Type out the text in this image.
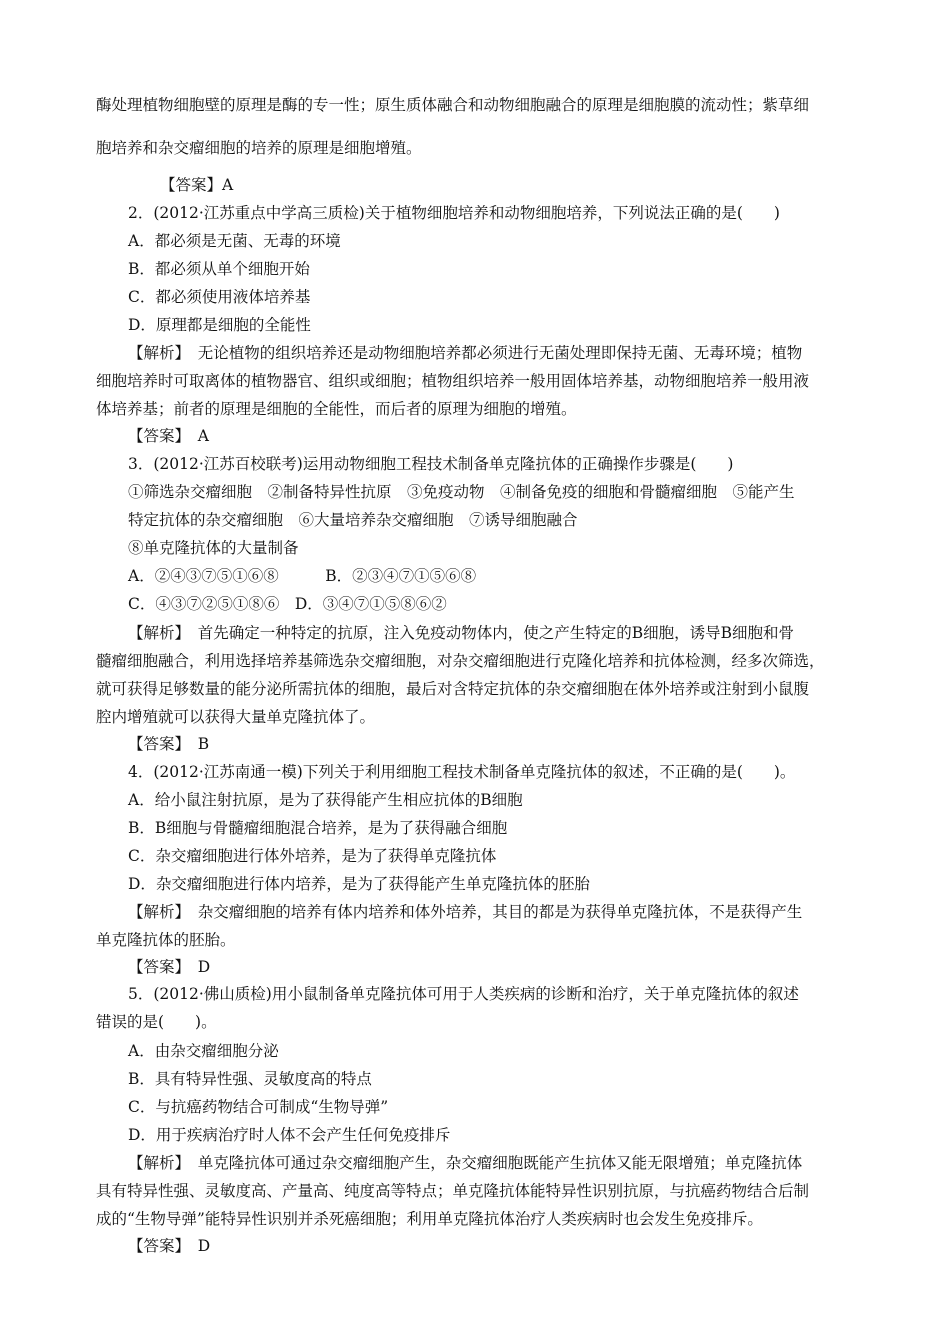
酶处理植物细胞壁的原理是酶的专一性；原生质体融合和动物细胞融合的原理是细胞膜的流动性；紫草细
胞培养和杂交瘤细胞的培养的原理是细胞增殖。
【答案】A
2．(2012·江苏重点中学高三质检)关于植物细胞培养和动物细胞培养，下列说法正确的是(　　)
A．都必须是无菌、无毒的环境
B．都必须从单个细胞开始
C．都必须使用液体培养基
D．原理都是细胞的全能性
【解析】　无论植物的组织培养还是动物细胞培养都必须进行无菌处理即保持无菌、无毒环境；植物
细胞培养时可取离体的植物器官、组织或细胞；植物组织培养一般用固体培养基，动物细胞培养一般用液
体培养基；前者的原理是细胞的全能性，而后者的原理为细胞的增殖。
【答案】　A
3．(2012·江苏百校联考)运用动物细胞工程技术制备单克隆抗体的正确操作步骤是(　　)
①筛选杂交瘤细胞　②制备特异性抗原　③免疫动物　④制备免疫的细胞和骨髓瘤细胞　⑤能产生
特定抗体的杂交瘤细胞　⑥大量培养杂交瘤细胞　⑦诱导细胞融合
⑧单克隆抗体的大量制备
A．②④③⑦⑤①⑥⑧　　　B．②③④⑦①⑤⑥⑧
C．④③⑦②⑤①⑧⑥　D．③④⑦①⑤⑧⑥②
【解析】　首先确定一种特定的抗原，注入免疫动物体内，使之产生特定的B细胞，诱导B细胞和骨
髓瘤细胞融合，利用选择培养基筛选杂交瘤细胞，对杂交瘤细胞进行克隆化培养和抗体检测，经多次筛选，
就可获得足够数量的能分泌所需抗体的细胞，最后对含特定抗体的杂交瘤细胞在体外培养或注射到小鼠腹
腔内增殖就可以获得大量单克隆抗体了。
【答案】　B
4．(2012·江苏南通一模)下列关于利用细胞工程技术制备单克隆抗体的叙述，不正确的是(　　)。
A．给小鼠注射抗原，是为了获得能产生相应抗体的B细胞
B．B细胞与骨髓瘤细胞混合培养，是为了获得融合细胞
C．杂交瘤细胞进行体外培养，是为了获得单克隆抗体
D．杂交瘤细胞进行体内培养，是为了获得能产生单克隆抗体的胚胎
【解析】　杂交瘤细胞的培养有体内培养和体外培养，其目的都是为获得单克隆抗体，不是获得产生
单克隆抗体的胚胎。
【答案】　D
5．(2012·佛山质检)用小鼠制备单克隆抗体可用于人类疾病的诊断和治疗，关于单克隆抗体的叙述
错误的是(　　)。
A．由杂交瘤细胞分泌
B．具有特异性强、灵敏度高的特点
C．与抗癌药物结合可制成“生物导弹”
D．用于疾病治疗时人体不会产生任何免疫排斥
【解析】　单克隆抗体可通过杂交瘤细胞产生，杂交瘤细胞既能产生抗体又能无限增殖；单克隆抗体
具有特异性强、灵敏度高、产量高、纯度高等特点；单克隆抗体能特异性识别抗原，与抗癌药物结合后制
成的“生物导弹”能特异性识别并杀死癌细胞；利用单克隆抗体治疗人类疾病时也会发生免疫排斥。
【答案】　D
